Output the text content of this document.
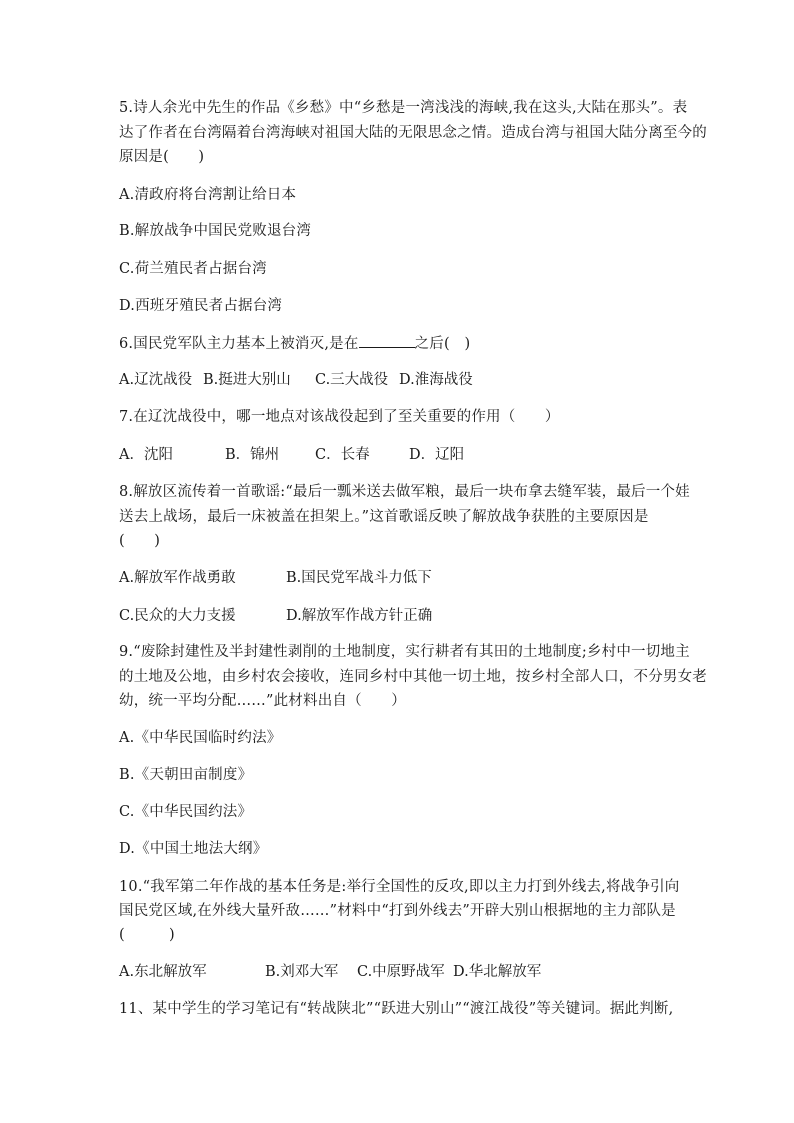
5.诗人余光中先生的作品《乡愁》中“乡愁是一湾浅浅的海峡,我在这头,大陆在那头”。表
达了作者在台湾隔着台湾海峡对祖国大陆的无限思念之情。造成台湾与祖国大陆分离至今的
原因是(　　)
A.清政府将台湾割让给日本
B.解放战争中国民党败退台湾
C.荷兰殖民者占据台湾
D.西班牙殖民者占据台湾
6.国民党军队主力基本上被消灭,是在	之后(　)
A.辽沈战役 B.挺进大别山 C.三大战役 D.淮海战役
7.在辽沈战役中，哪一地点对该战役起到了至关重要的作用（　　）
A．沈阳	B．锦州 C．长春	D．辽阳
8.解放区流传着一首歌谣:“最后一瓢米送去做军粮，最后一块布拿去缝军装，最后一个娃
送去上战场，最后一床被盖在担架上。”这首歌谣反映了解放战争获胜的主要原因是
(　　)
A.解放军作战勇敢	B.国民党军战斗力低下
C.民众的大力支援	D.解放军作战方针正确
9.“废除封建性及半封建性剥削的土地制度，实行耕者有其田的土地制度;乡村中一切地主
的土地及公地，由乡村农会接收，连同乡村中其他一切土地，按乡村全部人口，不分男女老
幼，统一平均分配……”此材料出自（　　）
A.《中华民国临时约法》
B.《天朝田亩制度》
C.《中华民国约法》
D.《中国土地法大纲》
10.“我军第二年作战的基本任务是:举行全国性的反攻,即以主力打到外线去,将战争引向
国民党区域,在外线大量歼敌……”材料中“打到外线去”开辟大别山根据地的主力部队是
(　　　)
A.东北解放军	B.刘邓大军 C.中原野战军 D.华北解放军
11、某中学生的学习笔记有“转战陕北”“跃进大别山”“渡江战役”等关键词。据此判断,
